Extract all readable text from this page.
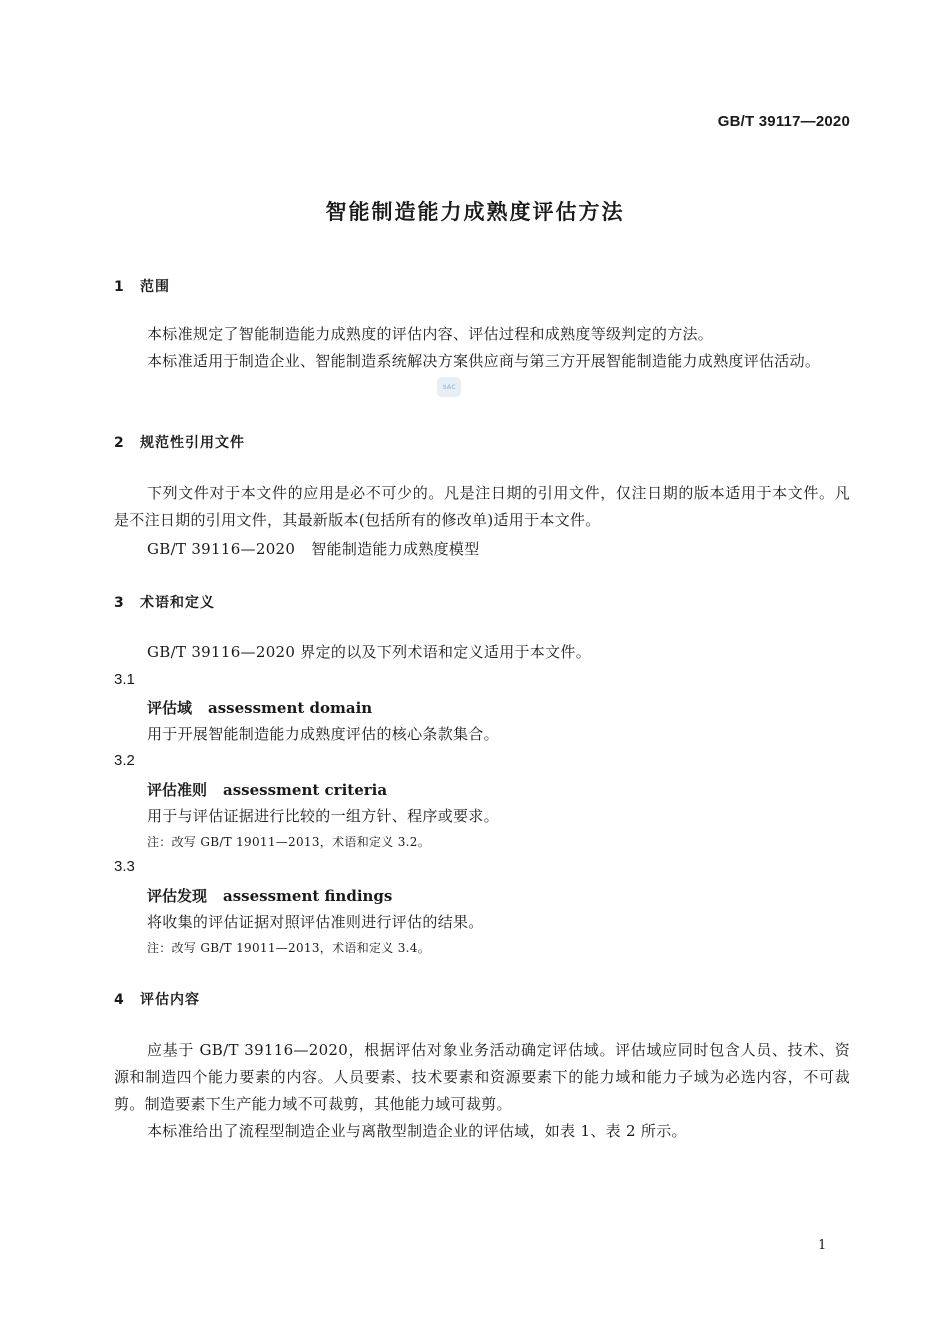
GB/T 39117—2020
智能制造能力成熟度评估方法
1 范围
本标准规定了智能制造能力成熟度的评估内容、评估过程和成熟度等级判定的方法。
本标准适用于制造企业、智能制造系统解决方案供应商与第三方开展智能制造能力成熟度评估活动。
SAC
2 规范性引用文件
下列文件对于本文件的应用是必不可少的。凡是注日期的引用文件，仅注日期的版本适用于本文件。凡是不注日期的引用文件，其最新版本(包括所有的修改单)适用于本文件。
GB/T 39116—2020 智能制造能力成熟度模型
3 术语和定义
GB/T 39116—2020 界定的以及下列术语和定义适用于本文件。
3.1
评估域 assessment domain
用于开展智能制造能力成熟度评估的核心条款集合。
3.2
评估准则 assessment criteria
用于与评估证据进行比较的一组方针、程序或要求。
注：改写 GB/T 19011—2013，术语和定义 3.2。
3.3
评估发现 assessment findings
将收集的评估证据对照评估准则进行评估的结果。
注：改写 GB/T 19011—2013，术语和定义 3.4。
4 评估内容
应基于 GB/T 39116—2020，根据评估对象业务活动确定评估域。评估域应同时包含人员、技术、资源和制造四个能力要素的内容。人员要素、技术要素和资源要素下的能力域和能力子域为必选内容，不可裁剪。制造要素下生产能力域不可裁剪，其他能力域可裁剪。
本标准给出了流程型制造企业与离散型制造企业的评估域，如表 1、表 2 所示。
1
